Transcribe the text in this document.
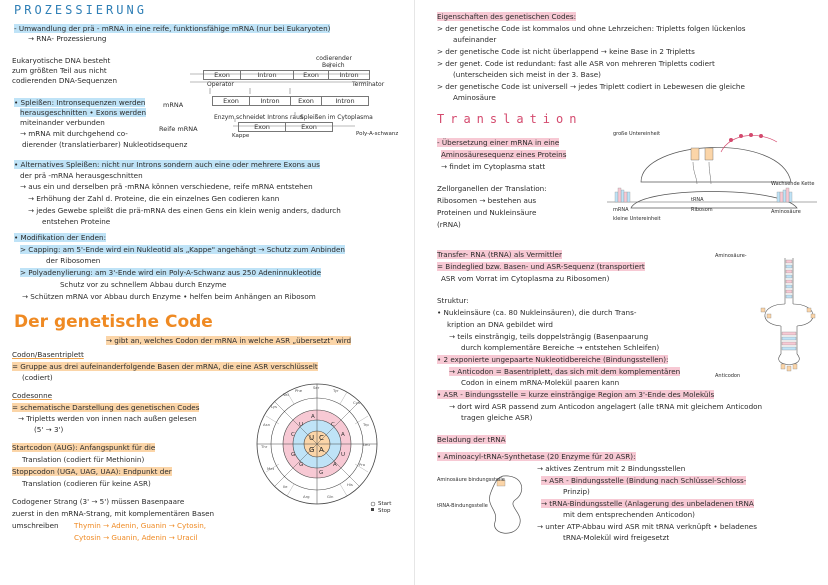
PROZESSIERUNG
- Umwandlung der prä - mRNA in eine reife, funktionsfähige mRNA (nur bei Eukaryoten)
→ RNA- Prozessierung
Eukaryotische DNA besteht
zum größten Teil aus nicht
codierenden DNA-Sequenzen
codierender
Bereich
Exon	Intron	Exon	Intron
Operator	Terminator
Exon	Intron	Exon	Intron
mRNA
Enzym schneidet Introns raus
Spleißen im Cytoplasma
Reife mRNA	Exon	Exon
Kappe	Poly-A-schwanz
• Spleißen: Intronsequenzen werden
herausgeschnitten • Exons werden
miteinander verbunden
→ mRNA mit durchgehend co-
dierender (translatierbarer) Nukleotidsequenz
• Alternatives Spleißen: nicht nur Introns sondern auch eine oder mehrere Exons aus
der prä -mRNA herausgeschnitten
→ aus ein und derselben prä -mRNA können verschiedene, reife mRNA entstehen
→ Erhöhung der Zahl d. Proteine, die ein einzelnes Gen codieren kann
→ jedes Gewebe spleißt die prä-mRNA des einen Gens ein klein wenig anders, dadurch
entstehen Proteine
• Modifikation der Enden:
> Capping: am 5'-Ende wird ein Nukleotid als „Kappe" angehängt → Schutz zum Anbinden
der Ribosomen
> Polyadenylierung: am 3'-Ende wird ein Poly-A-Schwanz aus 250 Adeninnukleotide
Schutz vor zu schnellem Abbau durch Enzyme
→ Schützen mRNA vor Abbau durch Enzyme • helfen beim Anhängen an Ribosom
Der genetische Code
→ gibt an, welches Codon der mRNA in welche ASR „übersetzt" wird
Codon/Basentriplett
= Gruppe aus drei aufeinanderfolgende Basen der mRNA, die eine ASR verschlüsselt
(codiert)
Codesonne
= schematische Darstellung des genetischen Codes
→ Tripletts werden von innen nach außen gelesen
(5' → 3')
Startcodon (AUG): Anfangspunkt für die
Translation (codiert für Methionin)
Stoppcodon (UGA, UAG, UAA): Endpunkt der
Translation (codieren für keine ASR)
Codogener Strang (3' → 5') müssen Basenpaare
zuerst in den mRNA-Strang, mit komplementären Basen
umschreiben Thymin → Adenin, Guanin → Cytosin,
Cytosin → Guanin, Adenin → Uracil
U C
A
G
U	C
A
G
C	A
U
G
A
G
Phe
Ser
Tyr
Cys
Trp
Leu
Pro
His
Gln
Arg
Ile
Met
Thr
Asn
Lys
Val
Start
Stop
Eigenschaften des genetischen Codes:
> der genetische Code ist kommalos und ohne Lehrzeichen: Tripletts folgen lückenlos
aufeinander
> der genetische Code ist nicht überlappend → keine Base in 2 Tripletts
> der genet. Code ist redundant: fast alle ASR von mehreren Tripletts codiert
(unterscheiden sich meist in der 3. Base)
> der genetische Code ist universell → jedes Triplett codiert in Lebewesen die gleiche
Aminosäure
Translation
- Übersetzung einer mRNA in eine
Aminosäuresequenz eines Proteins
→ findet im Cytoplasma statt
Zellorganellen der Translation:
Ribosomen → bestehen aus
Proteinen und Nukleinsäure
(rRNA)
große Untereinheit
Wachsende Kette
mRNA	Ribosom
kleine Untereinheit
Aminosäure
tRNA
Transfer- RNA (tRNA) als Vermittler
= Bindeglied bzw. Basen- und ASR-Sequenz (transportiert
ASR vom Vorrat im Cytoplasma zu Ribosomen)
Struktur:
• Nukleinsäure (ca. 80 Nukleinsäuren), die durch Trans-
kription an DNA gebildet wird
→ teils einsträngig, teils doppelsträngig (Basenpaarung
durch komplementäre Bereiche → entstehen Schleifen)
• 2 exponierte ungepaarte Nukleotidbereiche (Bindungsstellen):
→ Anticodon = Basentriplett, das sich mit dem komplementären
Codon in einem mRNA-Molekül paaren kann
• ASR - Bindungsstelle = kurze einsträngige Region am 3'-Ende des Moleküls
→ dort wird ASR passend zum Anticodon angelagert (alle tRNA mit gleichem Anticodon
tragen gleiche ASR)
Aminosäure-
Anticodon
Beladung der tRNA
• Aminoacyl-tRNA-Synthetase (20 Enzyme für 20 ASR):
→ aktives Zentrum mit 2 Bindungsstellen
→ ASR - Bindungsstelle (Bindung nach Schlüssel-Schloss-
Prinzip)
→ tRNA-Bindungsstelle (Anlagerung des unbeladenen tRNA
mit dem entsprechenden Anticodon)
→ unter ATP-Abbau wird ASR mit tRNA verknüpft • beladenes
tRNA-Molekül wird freigesetzt
Aminosäure bindungsstelle
tRNA-Bindungsstelle
